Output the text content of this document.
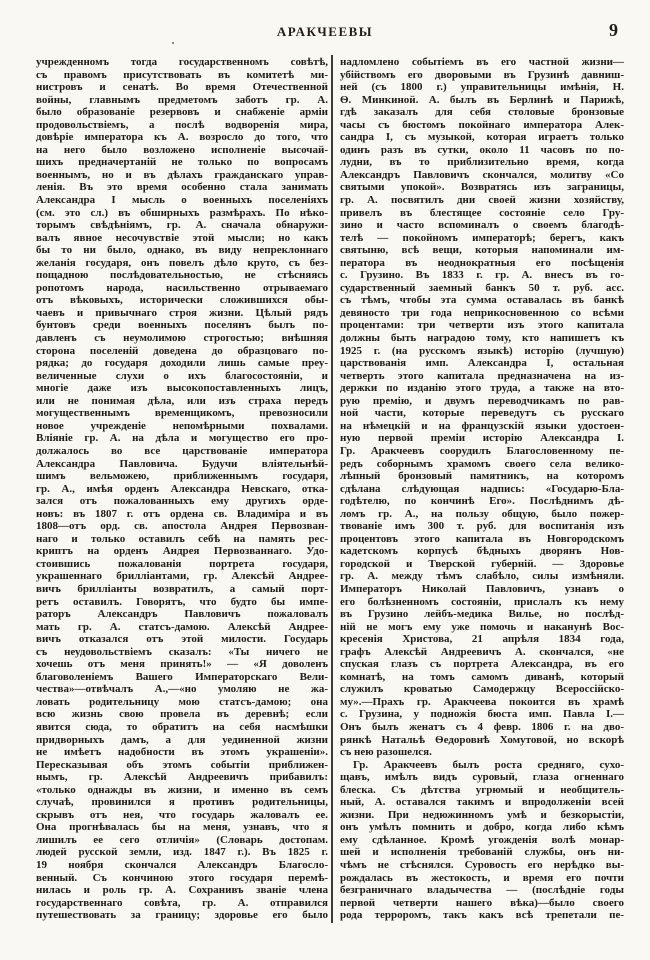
АРАКЧЕЕВЫ	9
учрежденномъ тогда государственномъ совѣтѣ,
съ правомъ присутствовать въ комитетѣ ми-
нистровъ и сенатѣ. Во время Отечественной
войны, главнымъ предметомъ заботъ гр. А.
было образованіе резервовъ и снабженіе арміи
продовольствіемъ, а послѣ водворенія мира,
довѣріе императора къ А. возросло до того, что
на него было возложено исполненіе высочай-
шихъ предначертаній не только по вопросамъ
военнымъ, но и въ дѣлахъ гражданскаго управ-
ленія. Въ это время особенно стала занимать
Александра I мысль о военныхъ поселеніяхъ
(см. это сл.) въ обширныхъ размѣрахъ. По нѣко-
торымъ свѣдѣніямъ, гр. А. сначала обнаружи-
валъ явное несочувствіе этой мысли; но какъ
бы то ни было, однако, въ виду непреклоннаго
желанія государя, онъ повелъ дѣло круто, съ без-
пощадною послѣдовательностью, не стѣсняясь
ропотомъ народа, насильственно отрываемаго
отъ вѣковыхъ, исторически сложившихся обы-
чаевъ и привычнаго строя жизни. Цѣлый рядъ
бунтовъ среди военныхъ поселянъ былъ по-
давленъ съ неумолимою строгостью; внѣшняя
сторона поселеній доведена до образцоваго по-
рядка; до государя доходили лишь самые преу-
величенные слухи о ихъ благосостояніи, и
многіе даже изъ высокопоставленныхъ лицъ,
или не понимая дѣла, или изъ страха передъ
могущественнымъ временщикомъ, превозносили
новое учрежденіе непомѣрными похвалами.
Вліяніе гр. А. на дѣла и могущество его про-
должалось во все царствованіе императора
Александра Павловича. Будучи вліятельнѣй-
шимъ вельможею, приближеннымъ государя,
гр. А., имѣя орденъ Александра Невскаго, отка-
зался отъ пожалованныхъ ему другихъ орде-
новъ: въ 1807 г. отъ ордена св. Владиміра и въ
1808—отъ орд. св. апостола Андрея Первозван-
наго и только оставилъ себѣ на память рес-
криптъ на орденъ Андрея Первозваннаго. Удо-
стоившись пожалованія портрета государя,
украшеннаго брилліантами, гр. Алексѣй Андрее-
вичъ брилліанты возвратилъ, а самый порт-
ретъ оставилъ. Говорятъ, что будто бы импе-
раторъ Александръ Павловичъ пожаловалъ
мать гр. А. статсъ-дамою. Алексѣй Андрее-
вичъ отказался отъ этой милости. Государь
съ неудовольствіемъ сказалъ: «Ты ничего не
хочешь отъ меня принять!» — «Я доволенъ
благоволеніемъ Вашего Императорскаго Вели-
чества»—отвѣчалъ А.,—«но умоляю не жа-
ловать родительницу мою статсъ-дамою; она
всю жизнь свою провела въ деревнѣ; если
явится сюда, то обратитъ на себя насмѣшки
придворныхъ дамъ, а для уединенной жизни
не имѣетъ надобности въ этомъ украшеніи».
Пересказывая объ этомъ событіи приближен-
нымъ, гр. Алексѣй Андреевичъ прибавилъ:
«только однажды въ жизни, и именно въ семъ
случаѣ, провинился я противъ родительницы,
скрывъ отъ нея, что государь жаловалъ ее.
Она прогнѣвалась бы на меня, узнавъ, что я
лишилъ ее сего отличія» (Словарь достопам.
людей русской земли, изд. 1847 г.). Въ 1825 г.
19 ноября скончался Александръ Благосло-
венный. Съ кончиною этого государя перемѣ-
нилась и роль гр. А. Сохранивъ званіе члена
государственнаго совѣта, гр. А. отправился
путешествовать за границу; здоровье его было
надломлено событіемъ въ его частной жизни—
убійствомъ его дворовыми въ Грузинѣ давниш-
ней (съ 1800 г.) управительницы имѣнія, Н.
Ѳ. Минкиной. А. былъ въ Берлинѣ и Парижѣ,
гдѣ заказалъ для себя столовые бронзовые
часы съ бюстомъ покойнаго императора Алек-
сандра I, съ музыкой, которая играетъ только
одинъ разъ въ сутки, около 11 часовъ по по-
лудни, въ то приблизительно время, когда
Александръ Павловичъ скончался, молитву «Со
святыми упокой». Возвратясь изъ заграницы,
гр. А. посвятилъ дни своей жизни хозяйству,
привелъ въ блестящее состояніе село Гру-
зино и часто вспоминалъ о своемъ благодѣ-
телѣ — покойномъ императорѣ; берегъ, какъ
святыню, всѣ вещи, которыя напоминали им-
ператора въ неоднократныя его посѣщенія
с. Грузино. Въ 1833 г. гр. А. внесъ въ го-
сударственный заемный банкъ 50 т. руб. асс.
съ тѣмъ, чтобы эта сумма оставалась въ банкѣ
девяносто три года неприкосновенною со всѣми
процентами: три четверти изъ этого капитала
должны быть наградою тому, кто напишетъ къ
1925 г. (на русскомъ языкѣ) исторію (лучшую)
царствованія имп. Александра I, остальная
четверть этого капитала предназначена на из-
держки по изданію этого труда, а также на вто-
рую премію, и двумъ переводчикамъ по рав-
ной части, которые переведутъ съ русскаго
на нѣмецкій и на французскій языки удостоен-
ную первой преміи исторію Александра I.
Гр. Аракчеевъ соорудилъ Благословенному пе-
редъ соборнымъ храмомъ своего села велико-
лѣпный бронзовый памятникъ, на которомъ
сдѣлана слѣдующая надпись: «Государю-Бла-
годѣтелю, по кончинѣ Его». Послѣднимъ дѣ-
ломъ гр. А., на пользу общую, было пожер-
твованіе имъ 300 т. руб. для воспитанія изъ
процентовъ этого капитала въ Новгородскомъ
кадетскомъ корпусѣ бѣдныхъ дворянъ Нов-
городской и Тверской губерній. — Здоровье
гр. А. между тѣмъ слабѣло, силы измѣняли.
Императоръ Николай Павловичъ, узнавъ о
его болѣзненномъ состояніи, прислалъ къ нему
въ Грузино лейбъ-медика Вилье, но послѣд-
ній не могъ ему уже помочь и наканунѣ Вос-
кресенія Христова, 21 апрѣля 1834 года,
графъ Алексѣй Андреевичъ А. скончался, «не
спуская глазъ съ портрета Александра, въ его
комнатѣ, на томъ самомъ диванѣ, который
служилъ кроватью Самодержцу Всероссійско-
му».—Прахъ гр. Аракчеева покоится въ храмѣ
с. Грузина, у подножія бюста имп. Павла I.—
Онъ былъ женатъ съ 4 февр. 1806 г. на дво-
рянкѣ Натальѣ Ѳедоровнѣ Хомутовой, но вскорѣ
съ нею разошелся.
Гр. Аракчеевъ былъ роста средняго, сухо-
щавъ, имѣлъ видъ суровый, глаза огненнаго
блеска. Съ дѣтства угрюмый и необщитель-
ный, А. оставался такимъ и впродолженіи всей
жизни. При недюжинномъ умѣ и безкорыстіи,
онъ умѣлъ помнить и добро, когда либо кѣмъ
ему сдѣланное. Кромѣ угожденія волѣ монар-
шей и исполненія требованій службы, онъ ни-
чѣмъ не стѣснялся. Суровость его нерѣдко вы-
рождалась въ жестокость, и время его почти
безграничнаго владычества — (послѣдніе годы
первой четверти нашего вѣка)—было своего
рода терроромъ, такъ какъ всѣ трепетали пе-
